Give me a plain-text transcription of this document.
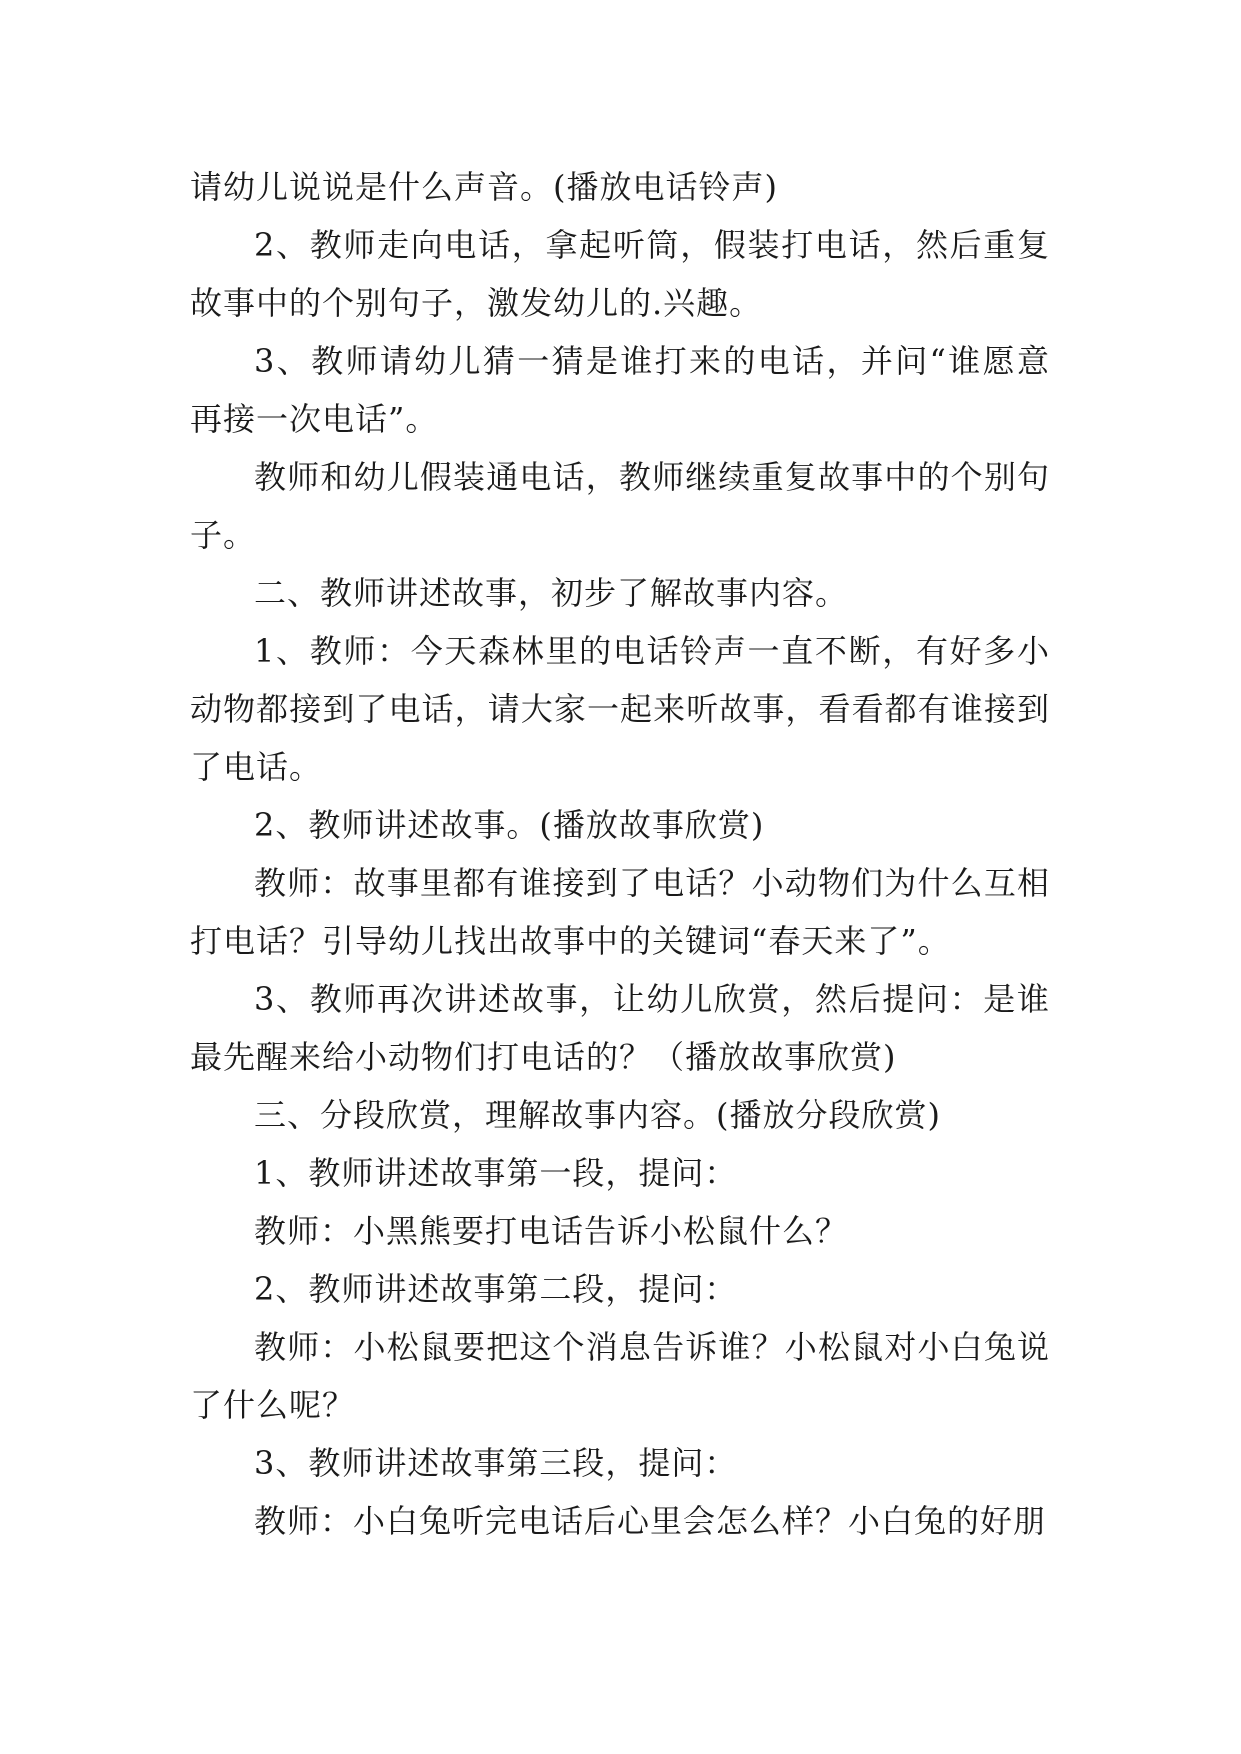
请幼儿说说是什么声音。(播放电话铃声)

2、教师走向电话，拿起听筒，假装打电话，然后重复故事中的个别句子，激发幼儿的.兴趣。

3、教师请幼儿猜一猜是谁打来的电话，并问“谁愿意再接一次电话”。

教师和幼儿假装通电话，教师继续重复故事中的个别句子。

二、教师讲述故事，初步了解故事内容。

1、教师：今天森林里的电话铃声一直不断，有好多小动物都接到了电话，请大家一起来听故事，看看都有谁接到了电话。

2、教师讲述故事。(播放故事欣赏)

教师：故事里都有谁接到了电话？小动物们为什么互相打电话？引导幼儿找出故事中的关键词“春天来了”。

3、教师再次讲述故事，让幼儿欣赏，然后提问：是谁最先醒来给小动物们打电话的？（播放故事欣赏)

三、分段欣赏，理解故事内容。(播放分段欣赏)

1、教师讲述故事第一段，提问：

教师：小黑熊要打电话告诉小松鼠什么？

2、教师讲述故事第二段，提问：

教师：小松鼠要把这个消息告诉谁？小松鼠对小白兔说了什么呢？

3、教师讲述故事第三段，提问：

教师：小白兔听完电话后心里会怎么样？小白兔的好朋
